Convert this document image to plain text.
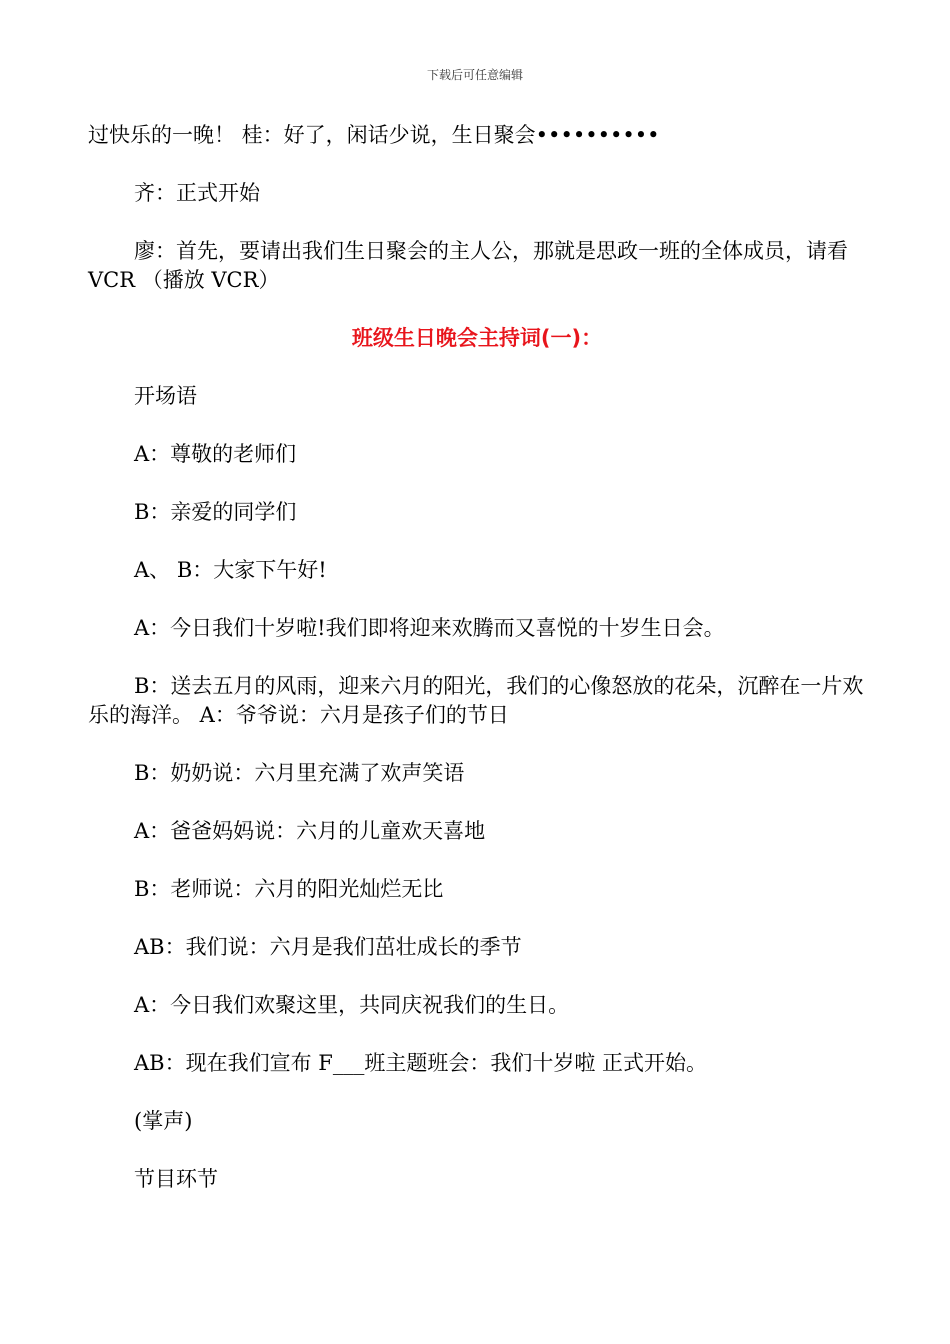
下载后可任意编辑

过快乐的一晚！ 桂：好了，闲话少说，生日聚会••••••••••

齐：正式开始

廖：首先，要请出我们生日聚会的主人公，那就是思政一班的全体成员，请看 VCR （播放 VCR）

班级生日晚会主持词(一)：

开场语

A：尊敬的老师们

B：亲爱的同学们

A、 B：大家下午好!

A：今日我们十岁啦!我们即将迎来欢腾而又喜悦的十岁生日会。

B：送去五月的风雨，迎来六月的阳光，我们的心像怒放的花朵，沉醉在一片欢乐的海洋。 A：爷爷说：六月是孩子们的节日

B：奶奶说：六月里充满了欢声笑语

A：爸爸妈妈说：六月的儿童欢天喜地

B：老师说：六月的阳光灿烂无比

AB：我们说：六月是我们茁壮成长的季节

A：今日我们欢聚这里，共同庆祝我们的生日。

AB：现在我们宣布 F___班主题班会：我们十岁啦 正式开始。

(掌声)

节目环节
